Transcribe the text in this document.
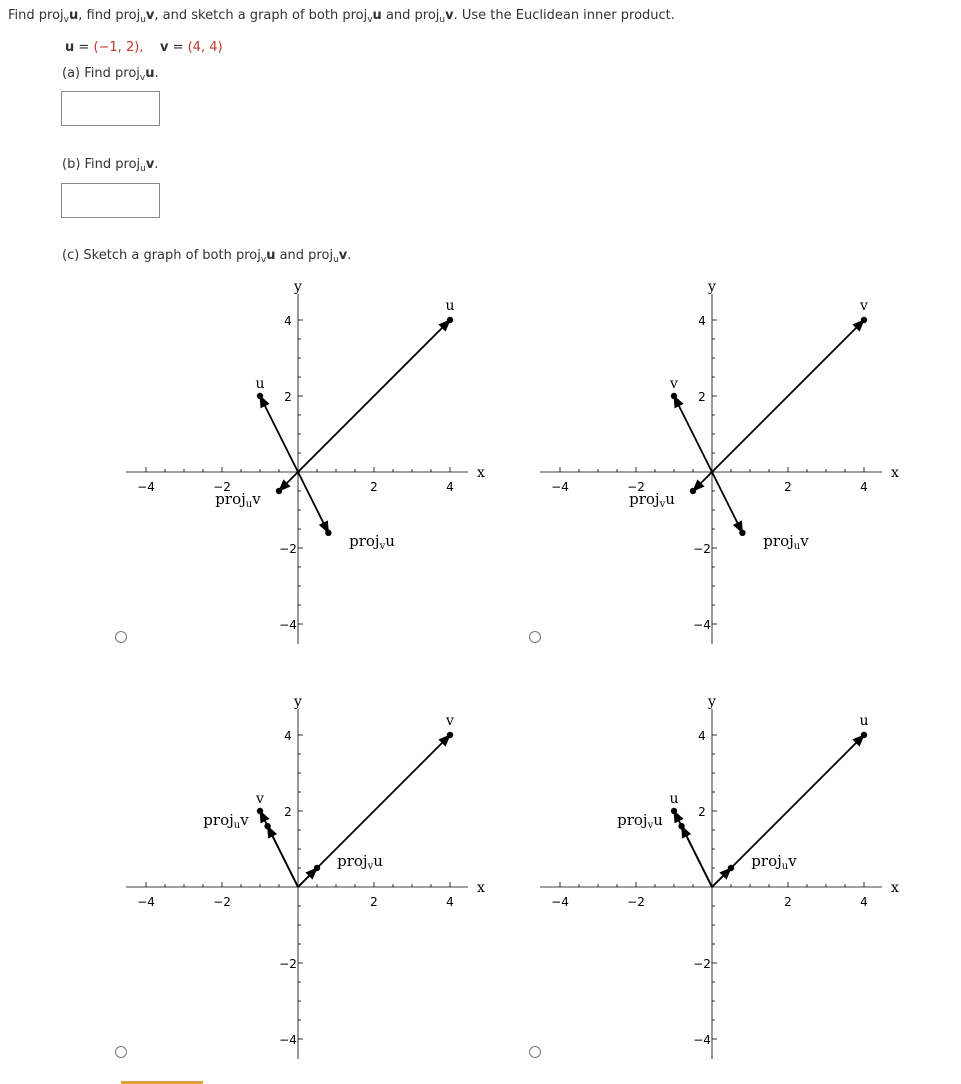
Find proj$_v$u, find proj$_u$v, and sketch a graph of both proj$_v$u and proj$_u$v. Use the Euclidean inner product.
u = (−1, 2), v = (4, 4)
(a) Find proj$_v$u.
(b) Find proj$_u$v.
(c) Sketch a graph of both proj$_v$u and proj$_u$v.
−4
−4
−2
−2
2
2
4
4
x
y
u
u
proj$_u$v
proj$_v$u
−4
−4
−2
−2
2
2
4
4
x
y
v
v
proj$_v$u
proj$_u$v
−4
−4
−2
−2
2
2
4
4
x
y
v
v
proj$_u$v
proj$_v$u
−4
−4
−2
−2
2
2
4
4
x
y
u
u
proj$_v$u
proj$_u$v
